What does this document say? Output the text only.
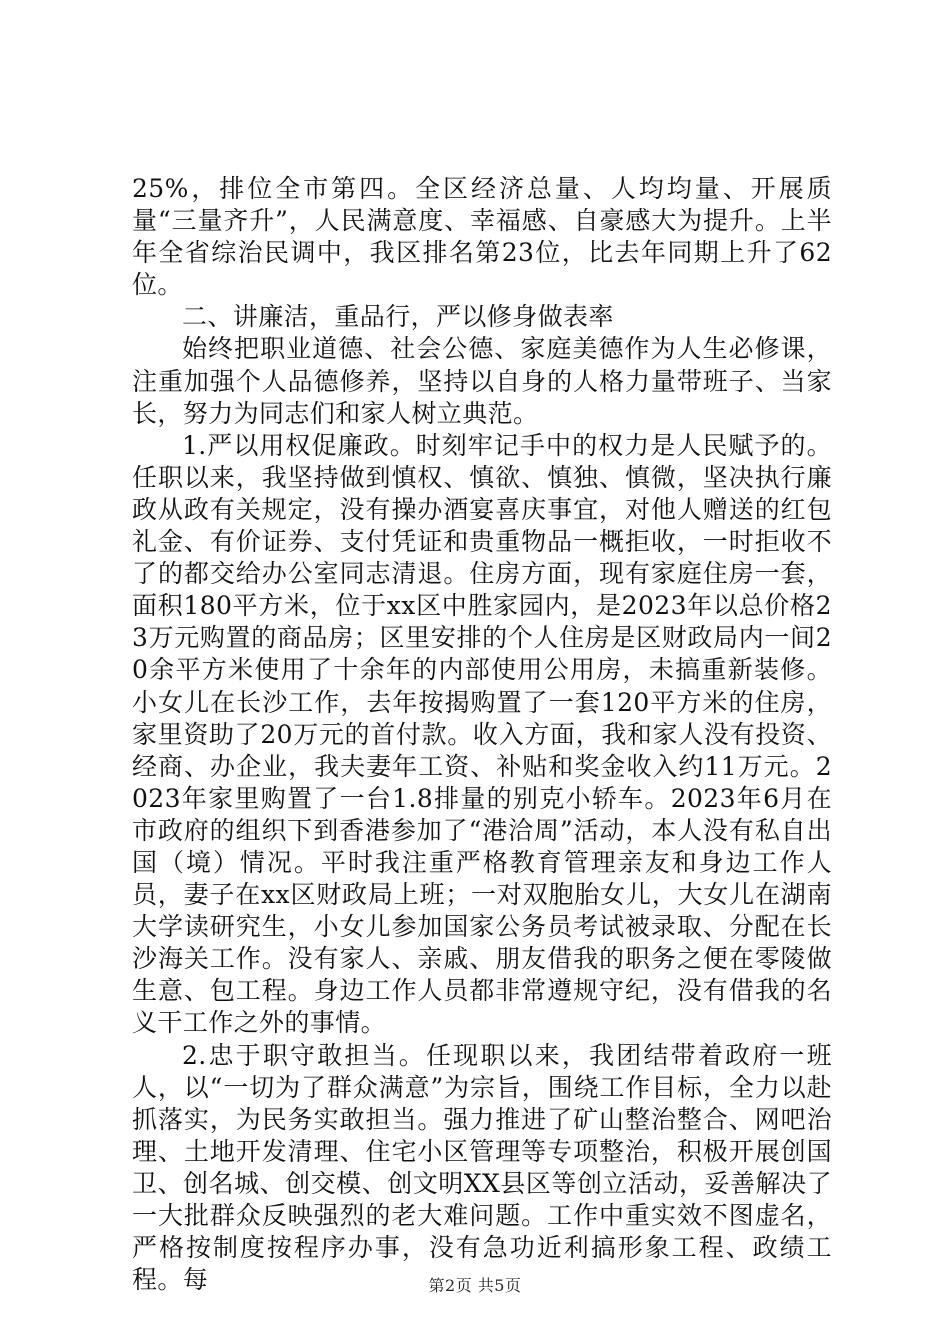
25%，排位全市第四。全区经济总量、人均均量、开展质量“三量齐升”，人民满意度、幸福感、自豪感大为提升。上半年全省综治民调中，我区排名第23位，比去年同期上升了62位。

二、讲廉洁，重品行，严以修身做表率

始终把职业道德、社会公德、家庭美德作为人生必修课，注重加强个人品德修养，坚持以自身的人格力量带班子、当家长，努力为同志们和家人树立典范。

1.严以用权促廉政。时刻牢记手中的权力是人民赋予的。任职以来，我坚持做到慎权、慎欲、慎独、慎微，坚决执行廉政从政有关规定，没有操办酒宴喜庆事宜，对他人赠送的红包礼金、有价证券、支付凭证和贵重物品一概拒收，一时拒收不了的都交给办公室同志清退。住房方面，现有家庭住房一套，面积180平方米，位于xx区中胜家园内，是2023年以总价格23万元购置的商品房；区里安排的个人住房是区财政局内一间20余平方米使用了十余年的内部使用公用房，未搞重新装修。小女儿在长沙工作，去年按揭购置了一套120平方米的住房，家里资助了20万元的首付款。收入方面，我和家人没有投资、经商、办企业，我夫妻年工资、补贴和奖金收入约11万元。2023年家里购置了一台1.8排量的别克小轿车。2023年6月在市政府的组织下到香港参加了“港洽周”活动，本人没有私自出国（境）情况。平时我注重严格教育管理亲友和身边工作人员，妻子在xx区财政局上班；一对双胞胎女儿，大女儿在湖南大学读研究生，小女儿参加国家公务员考试被录取、分配在长沙海关工作。没有家人、亲戚、朋友借我的职务之便在零陵做生意、包工程。身边工作人员都非常遵规守纪，没有借我的名义干工作之外的事情。

2.忠于职守敢担当。任现职以来，我团结带着政府一班人，以“一切为了群众满意”为宗旨，围绕工作目标，全力以赴抓落实，为民务实敢担当。强力推进了矿山整治整合、网吧治理、土地开发清理、住宅小区管理等专项整治，积极开展创国卫、创名城、创交模、创文明XX县区等创立活动，妥善解决了一大批群众反映强烈的老大难问题。工作中重实效不图虚名，严格按制度按程序办事，没有急功近利搞形象工程、政绩工程。每	第2页 共5页
